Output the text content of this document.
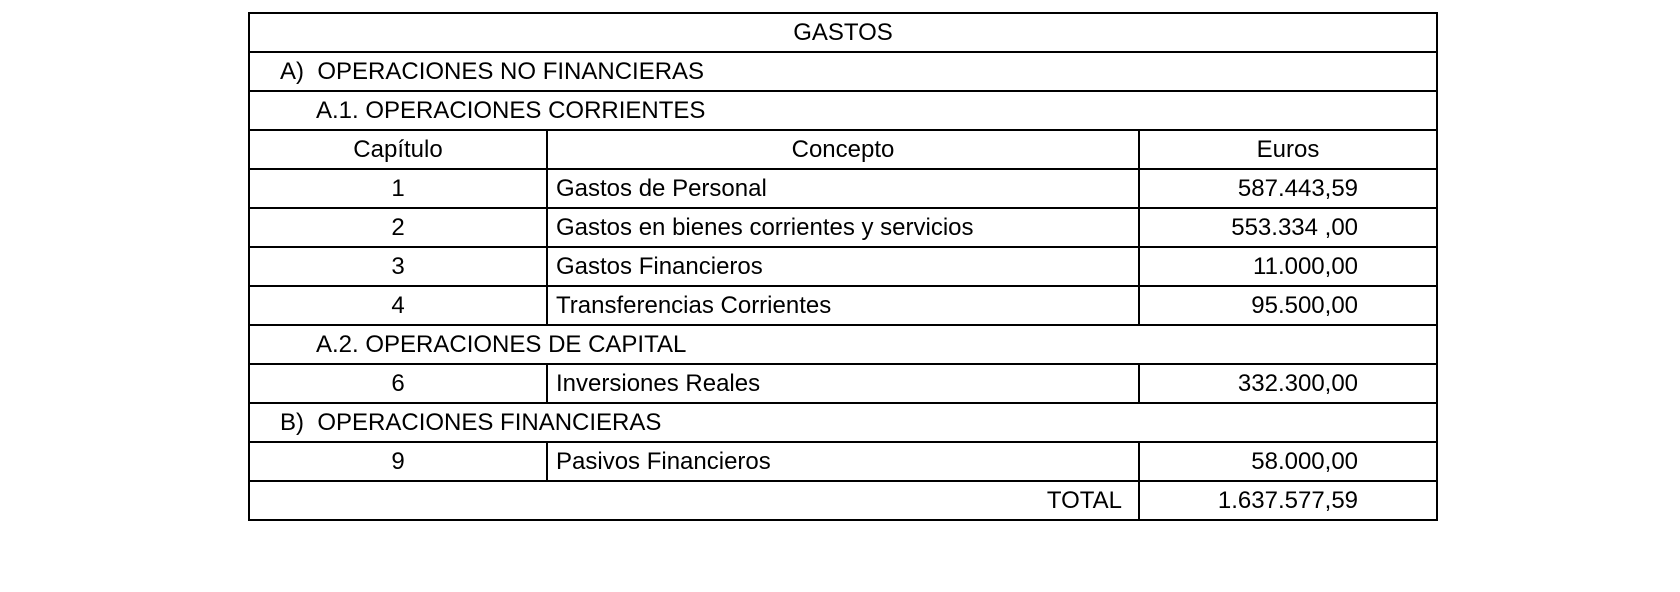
GASTOS		
A)  OPERACIONES NO FINANCIERAS		
A.1. OPERACIONES CORRIENTES		
Capítulo	Concepto	Euros
1	Gastos de Personal	587.443,59
2	Gastos en bienes corrientes y servicios	553.334 ,00
3	Gastos Financieros	11.000,00
4	Transferencias Corrientes	95.500,00
A.2. OPERACIONES DE CAPITAL		
6	Inversiones Reales	332.300,00
B)  OPERACIONES FINANCIERAS		
9	Pasivos Financieros	58.000,00
TOTAL		1.637.577,59
